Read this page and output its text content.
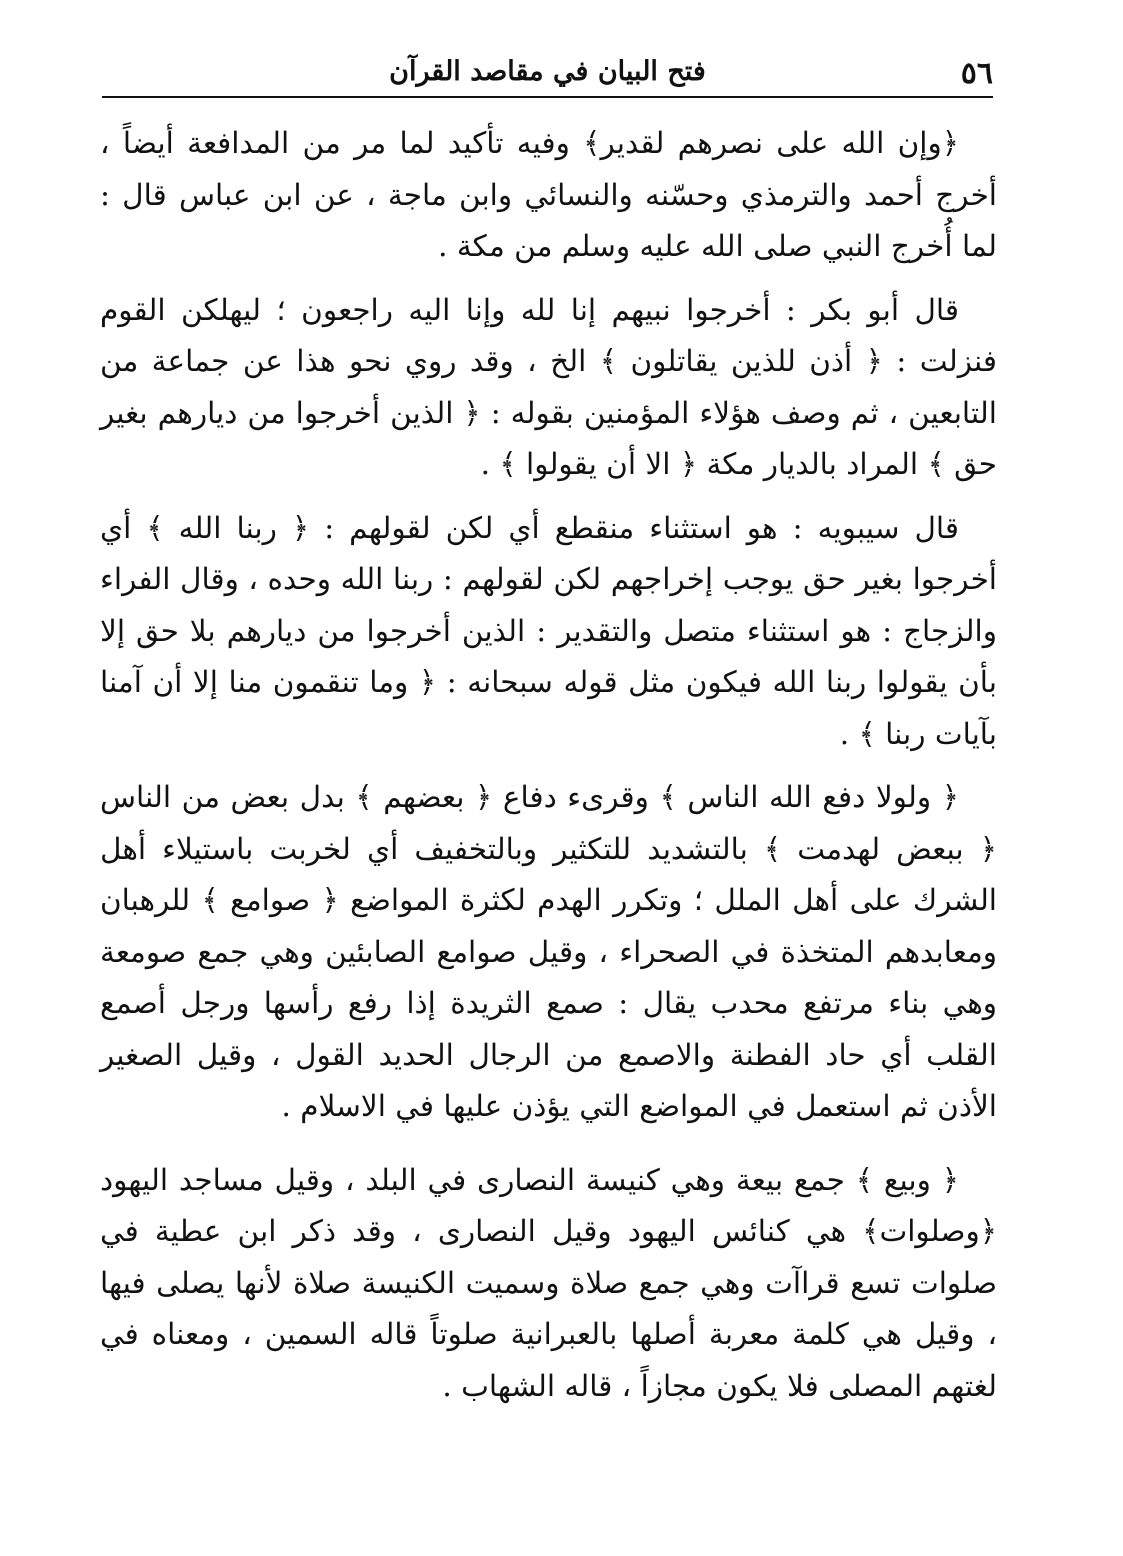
٥٦
فتح البيان في مقاصد القرآن

﴿وإن الله على نصرهم لقدير﴾ وفيه تأكيد لما مر من المدافعة أيضاً ، أخرج أحمد والترمذي وحسّنه والنسائي وابن ماجة ، عن ابن عباس قال : لما أُخرج النبي صلى الله عليه وسلم من مكة .

قال أبو بكر : أخرجوا نبيهم إنا لله وإنا اليه راجعون ؛ ليهلكن القوم فنزلت : ﴿ أذن للذين يقاتلون ﴾ الخ ، وقد روي نحو هذا عن جماعة من التابعين ، ثم وصف هؤلاء المؤمنين بقوله : ﴿ الذين أخرجوا من ديارهم بغير حق ﴾ المراد بالديار مكة ﴿ الا أن يقولوا ﴾ .

قال سيبويه : هو استثناء منقطع أي لكن لقولهم : ﴿ ربنا الله ﴾ أي أخرجوا بغير حق يوجب إخراجهم لكن لقولهم : ربنا الله وحده ، وقال الفراء والزجاج : هو استثناء متصل والتقدير : الذين أخرجوا من ديارهم بلا حق إلا بأن يقولوا ربنا الله فيكون مثل قوله سبحانه : ﴿ وما تنقمون منا إلا أن آمنا بآيات ربنا ﴾ .

﴿ ولولا دفع الله الناس ﴾ وقرىء دفاع ﴿ بعضهم ﴾ بدل بعض من الناس ﴿ ببعض لهدمت ﴾ بالتشديد للتكثير وبالتخفيف أي لخربت باستيلاء أهل الشرك على أهل الملل ؛ وتكرر الهدم لكثرة المواضع ﴿ صوامع ﴾ للرهبان ومعابدهم المتخذة في الصحراء ، وقيل صوامع الصابئين وهي جمع صومعة وهي بناء مرتفع محدب يقال : صمع الثريدة إذا رفع رأسها ورجل أصمع القلب أي حاد الفطنة والاصمع من الرجال الحديد القول ، وقيل الصغير الأذن ثم استعمل في المواضع التي يؤذن عليها في الاسلام .

﴿ وبيع ﴾ جمع بيعة وهي كنيسة النصارى في البلد ، وقيل مساجد اليهود ﴿وصلوات﴾ هي كنائس اليهود وقيل النصارى ، وقد ذكر ابن عطية في صلوات تسع قراآت وهي جمع صلاة وسميت الكنيسة صلاة لأنها يصلى فيها ، وقيل هي كلمة معربة أصلها بالعبرانية صلوتاً قاله السمين ، ومعناه في لغتهم المصلى فلا يكون مجازاً ، قاله الشهاب .
